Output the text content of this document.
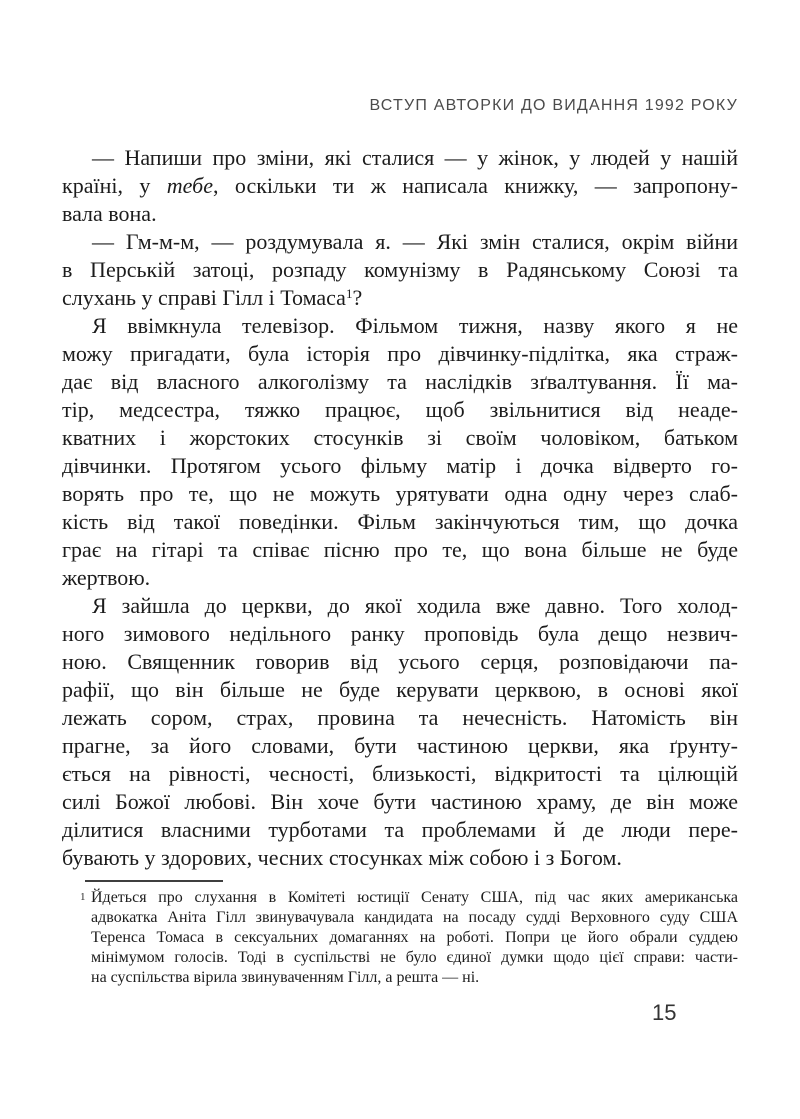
ВСТУП АВТОРКИ ДО ВИДАННЯ 1992 РОКУ
— Напиши про зміни, які сталися — у жінок, у людей у нашій
країні, у тебе, оскільки ти ж написала книжку, — запропону-
вала вона.
— Гм-м-м, — роздумувала я. — Які змін сталися, окрім війни
в Перській затоці, розпаду комунізму в Радянському Союзі та
слухань у справі Гілл і Томаса$^1$?
Я ввімкнула телевізор. Фільмом тижня, назву якого я не
можу пригадати, була історія про дівчинку-підлітка, яка страж-
дає від власного алкоголізму та наслідків зґвалтування. Її ма-
тір, медсестра, тяжко працює, щоб звільнитися від неаде-
кватних і жорстоких стосунків зі своїм чоловіком, батьком
дівчинки. Протягом усього фільму матір і дочка відверто го-
ворять про те, що не можуть урятувати одна одну через слаб-
кість від такої поведінки. Фільм закінчуються тим, що дочка
грає на гітарі та співає пісню про те, що вона більше не буде
жертвою.
Я зайшла до церкви, до якої ходила вже давно. Того холод-
ного зимового недільного ранку проповідь була дещо незвич-
ною. Священник говорив від усього серця, розповідаючи па-
рафії, що він більше не буде керувати церквою, в основі якої
лежать сором, страх, провина та нечесність. Натомість він
прагне, за його словами, бути частиною церкви, яка ґрунту-
ється на рівності, чесності, близькості, відкритості та цілющій
силі Божої любові. Він хоче бути частиною храму, де він може
ділитися власними турботами та проблемами й де люди пере-
бувають у здорових, чесних стосунках між собою і з Богом.
1 Йдеться про слухання в Комітеті юстиції Сенату США, під час яких американська
адвокатка Аніта Гілл звинувачувала кандидата на посаду судді Верховного суду США
Теренса Томаса в сексуальних домаганнях на роботі. Попри це його обрали суддею
мінімумом голосів. Тоді в суспільстві не було єдиної думки щодо цієї справи: части-
на суспільства вірила звинуваченням Гілл, а решта — ні.
15
